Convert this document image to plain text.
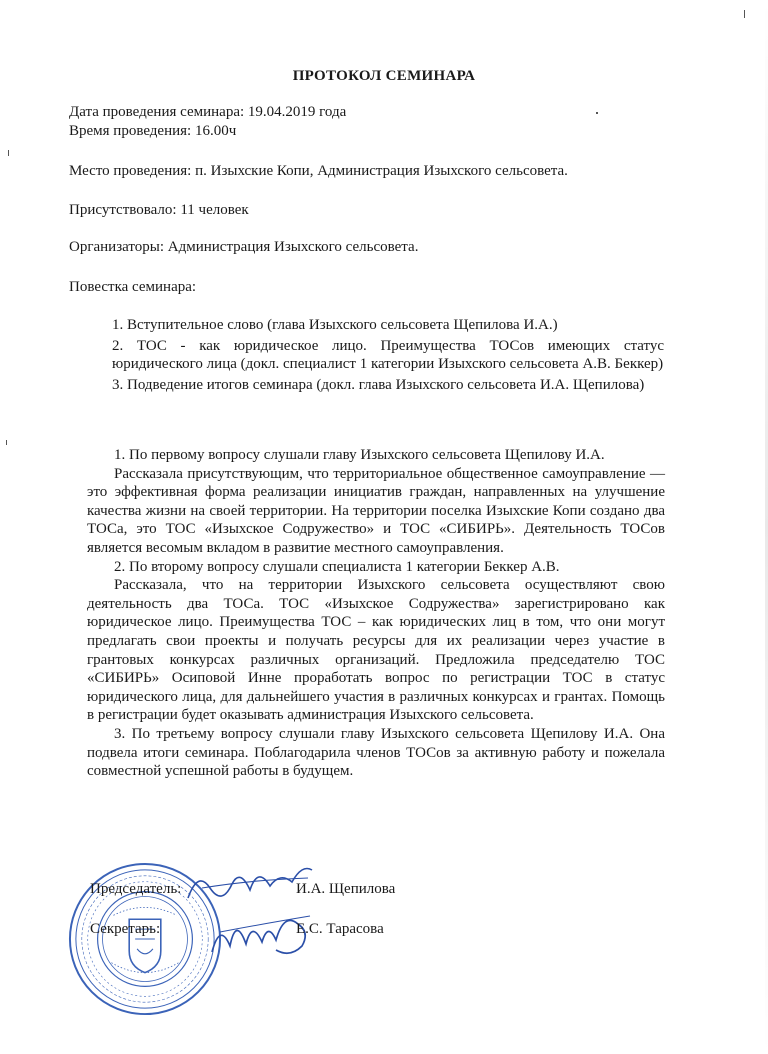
ПРОТОКОЛ СЕМИНАРА
Дата проведения семинара: 19.04.2019 года
Время проведения: 16.00ч
Место проведения: п. Изыхские Копи, Администрация Изыхского сельсовета.
Присутствовало: 11 человек
Организаторы: Администрация Изыхского сельсовета.
Повестка семинара:

1. Вступительное слово (глава Изыхского сельсовета Щепилова И.А.)

2. ТОС - как юридическое лицо. Преимущества ТОСов имеющих статус юридического лица (докл. специалист 1 категории Изыхского сельсовета А.В. Беккер)

3. Подведение итогов семинара (докл. глава Изыхского сельсовета И.А. Щепилова)

1. По первому вопросу слушали главу Изыхского сельсовета Щепилову И.А.

Рассказала присутствующим, что территориальное общественное самоуправление — это эффективная форма реализации инициатив граждан, направленных на улучшение качества жизни на своей территории. На территории поселка Изыхские Копи создано два ТОСа, это ТОС «Изыхское Содружество» и ТОС «СИБИРЬ». Деятельность ТОСов является весомым вкладом в развитие местного самоуправления.

2. По второму вопросу слушали специалиста 1 категории Беккер А.В.

Рассказала, что на территории Изыхского сельсовета осуществляют свою деятельность два ТОСа. ТОС «Изыхское Содружества» зарегистрировано как юридическое лицо. Преимущества ТОС – как юридических лиц в том, что они могут предлагать свои проекты и получать ресурсы для их реализации через участие в грантовых конкурсах различных организаций. Предложила председателю ТОС «СИБИРЬ» Осиповой Инне проработать вопрос по регистрации ТОС в статус юридического лица, для дальнейшего участия в различных конкурсах и грантах. Помощь в регистрации будет оказывать администрация Изыхского сельсовета.

3. По третьему вопросу слушали главу Изыхского сельсовета Щепилову И.А. Она подвела итоги семинара. Поблагодарила членов ТОСов за активную работу и пожелала совместной успешной работы в будущем.

Председатель:	И.А. Щепилова
Секретарь:	Е.С. Тарасова
